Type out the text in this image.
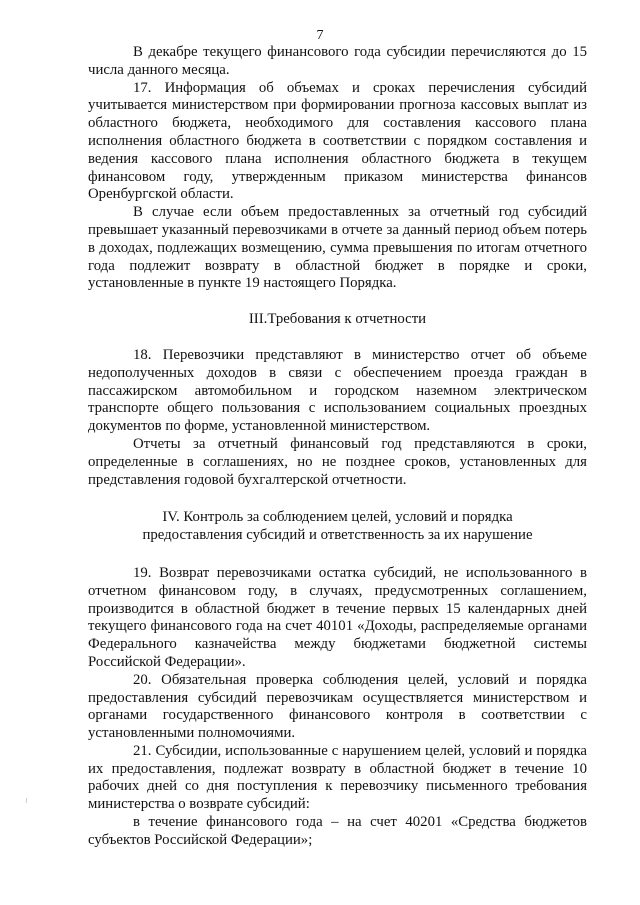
7

В декабре текущего финансового года субсидии перечисляются до 15 числа данного месяца.

17. Информация об объемах и сроках перечисления субсидий учитывается министерством при формировании прогноза кассовых выплат из областного бюджета, необходимого для составления кассового плана исполнения областного бюджета в соответствии с порядком составления и ведения кассового плана исполнения областного бюджета в текущем финансовом году, утвержденным приказом министерства финансов Оренбургской области.

В случае если объем предоставленных за отчетный год субсидий превышает указанный перевозчиками в отчете за данный период объем потерь в доходах, подлежащих возмещению, сумма превышения по итогам отчетного года подлежит возврату в областной бюджет в порядке и сроки, установленные в пункте 19 настоящего Порядка.

III.Требования к отчетности

18. Перевозчики представляют в министерство отчет об объеме недополученных доходов в связи с обеспечением проезда граждан в пассажирском автомобильном и городском наземном электрическом транспорте общего пользования с использованием социальных проездных документов по форме, установленной министерством.

Отчеты за отчетный финансовый год представляются в сроки, определенные в соглашениях, но не позднее сроков, установленных для представления годовой бухгалтерской отчетности.

IV. Контроль за соблюдением целей, условий и порядка
предоставления субсидий и ответственность за их нарушение

19. Возврат перевозчиками остатка субсидий, не использованного в отчетном финансовом году, в случаях, предусмотренных соглашением, производится в областной бюджет в течение первых 15 календарных дней текущего финансового года на счет 40101 «Доходы, распределяемые органами Федерального казначейства между бюджетами бюджетной системы Российской Федерации».

20. Обязательная проверка соблюдения целей, условий и порядка предоставления субсидий перевозчикам осуществляется министерством и органами государственного финансового контроля в соответствии с установленными полномочиями.

21. Субсидии, использованные с нарушением целей, условий и порядка их предоставления, подлежат возврату в областной бюджет в течение 10 рабочих дней со дня поступления к перевозчику письменного требования министерства о возврате субсидий:

в течение финансового года – на счет 40201 «Средства бюджетов субъектов Российской Федерации»;
